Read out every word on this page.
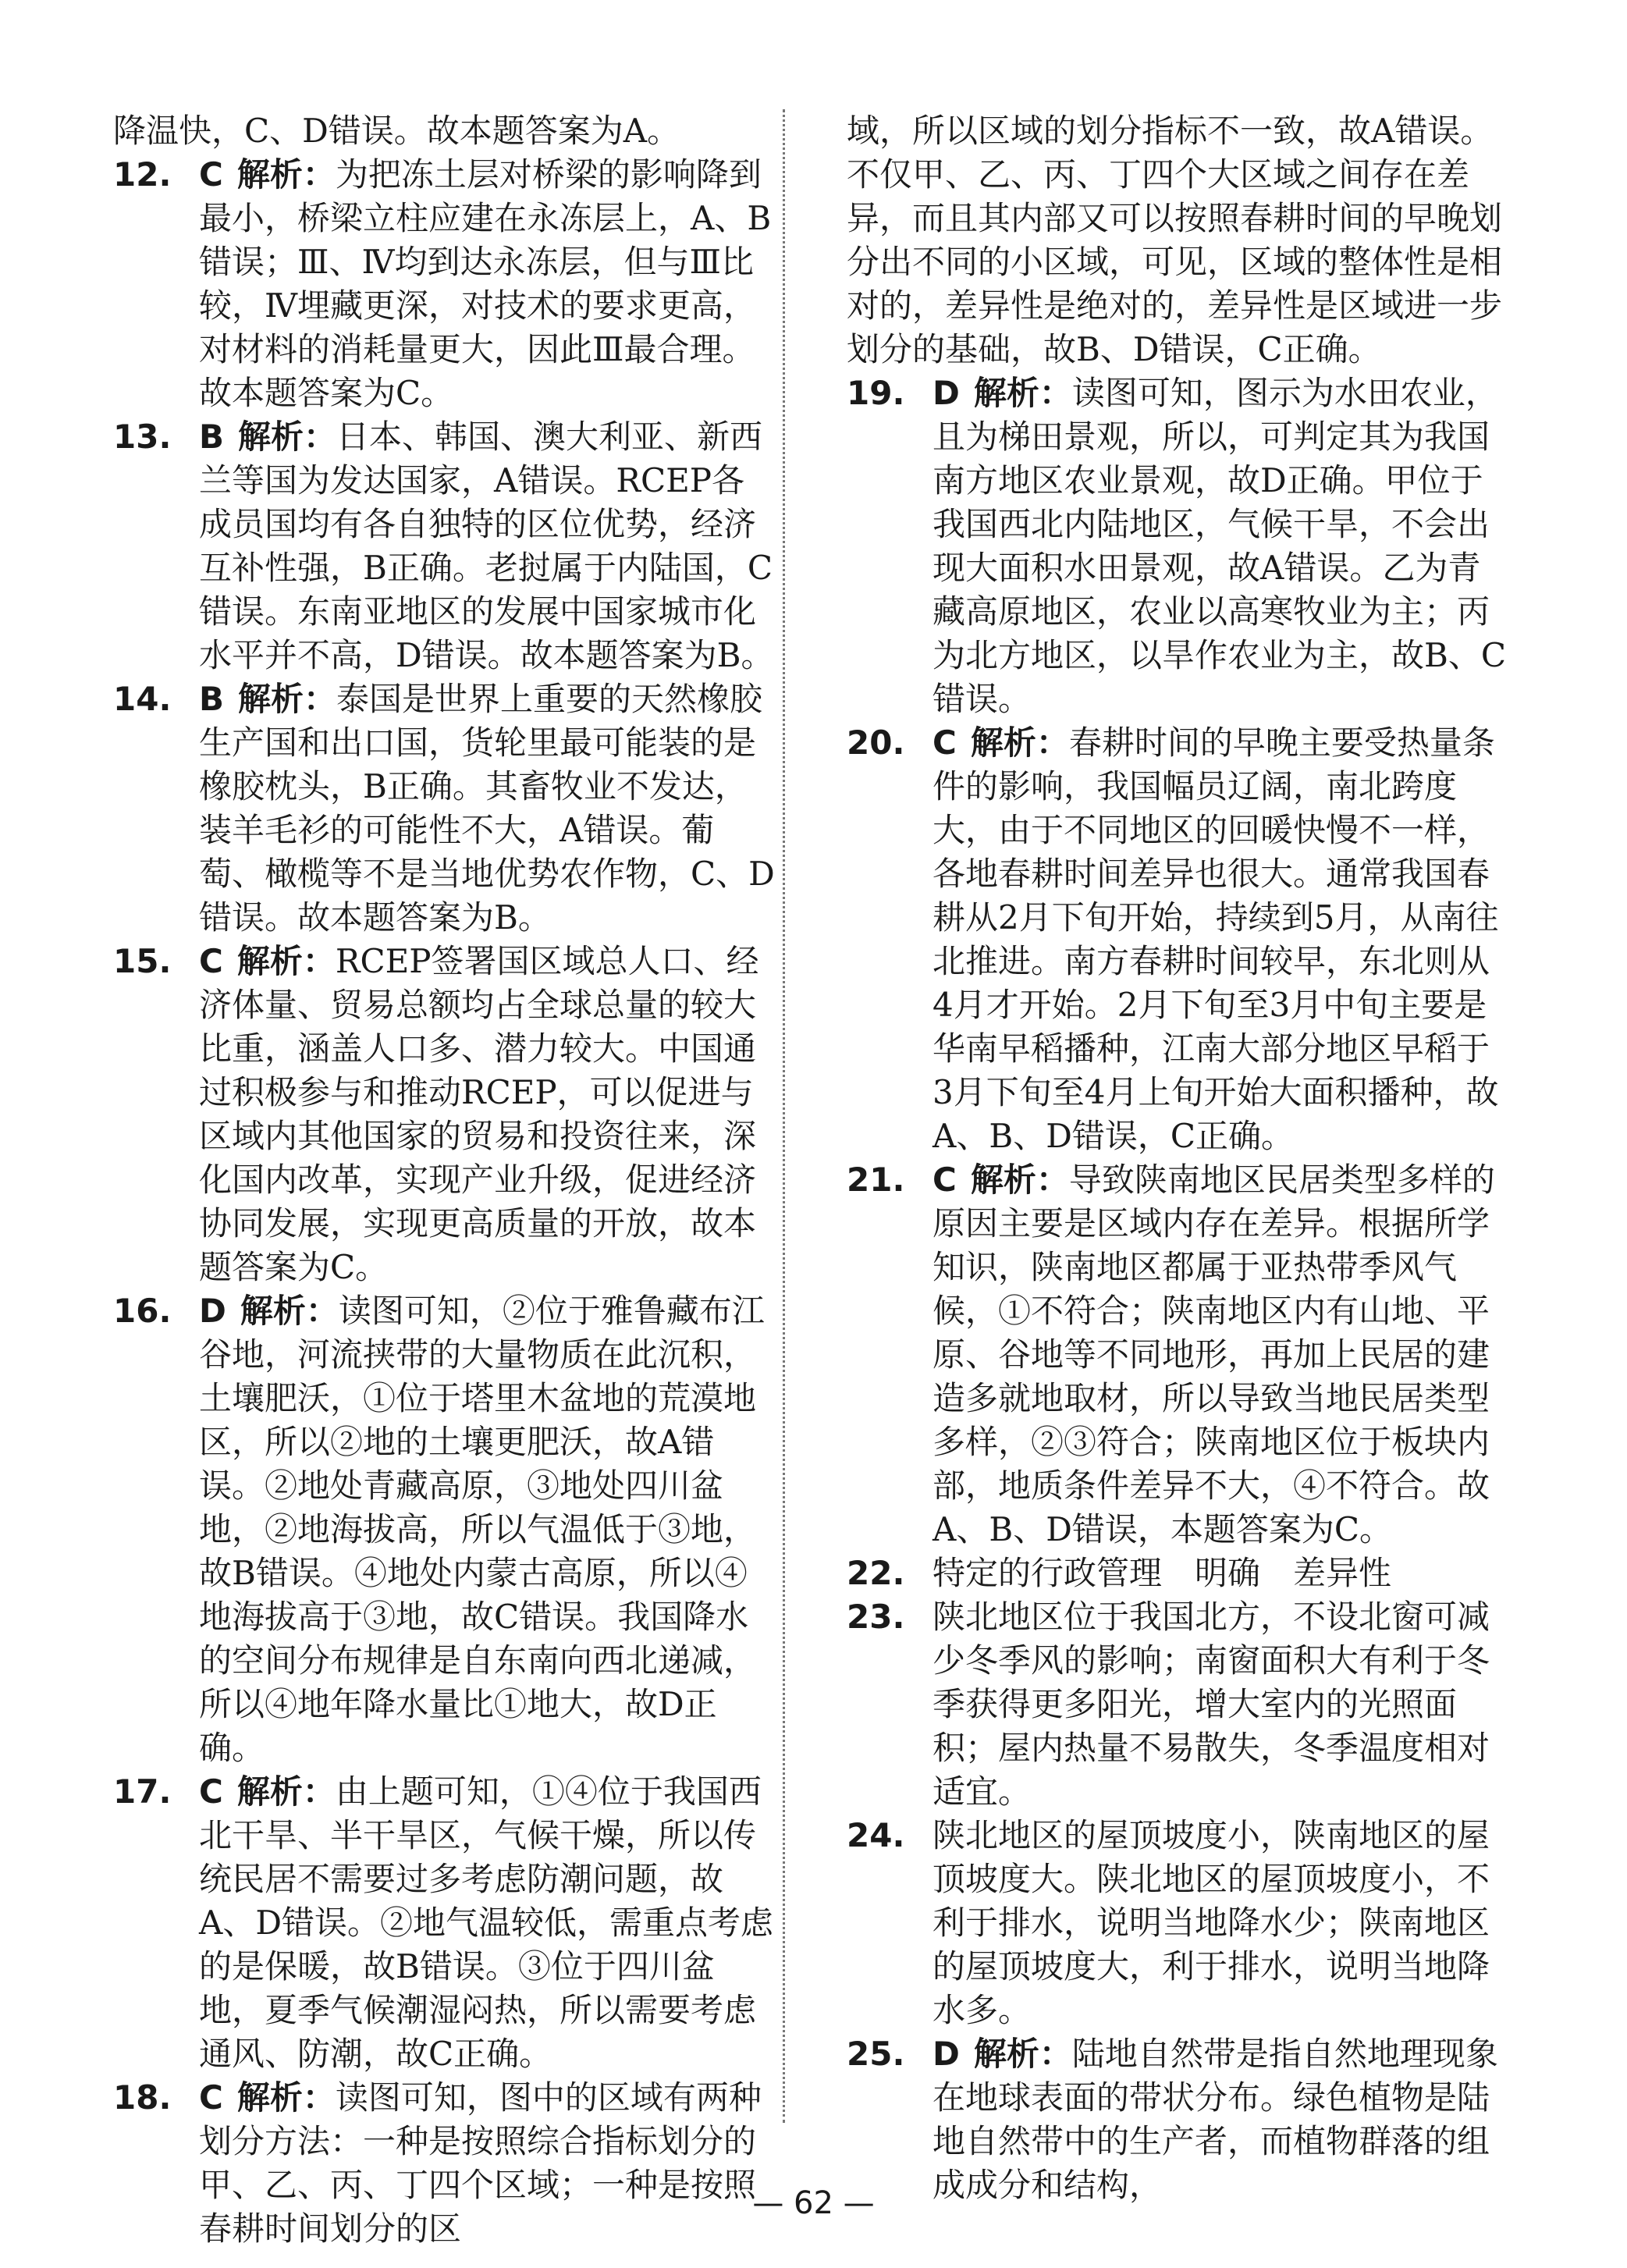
降温快，C、D错误。故本题答案为A。

12. C 解析：为把冻土层对桥梁的影响降到最小，桥梁立柱应建在永冻层上，A、B错误；Ⅲ、Ⅳ均到达永冻层，但与Ⅲ比较，Ⅳ埋藏更深，对技术的要求更高，对材料的消耗量更大，因此Ⅲ最合理。故本题答案为C。

13. B 解析：日本、韩国、澳大利亚、新西兰等国为发达国家，A错误。RCEP各成员国均有各自独特的区位优势，经济互补性强，B正确。老挝属于内陆国，C错误。东南亚地区的发展中国家城市化水平并不高，D错误。故本题答案为B。

14. B 解析：泰国是世界上重要的天然橡胶生产国和出口国，货轮里最可能装的是橡胶枕头，B正确。其畜牧业不发达，装羊毛衫的可能性不大，A错误。葡萄、橄榄等不是当地优势农作物，C、D错误。故本题答案为B。

15. C 解析：RCEP签署国区域总人口、经济体量、贸易总额均占全球总量的较大比重，涵盖人口多、潜力较大。中国通过积极参与和推动RCEP，可以促进与区域内其他国家的贸易和投资往来，深化国内改革，实现产业升级，促进经济协同发展，实现更高质量的开放，故本题答案为C。

16. D 解析：读图可知，②位于雅鲁藏布江谷地，河流挟带的大量物质在此沉积，土壤肥沃，①位于塔里木盆地的荒漠地区，所以②地的土壤更肥沃，故A错误。②地处青藏高原，③地处四川盆地，②地海拔高，所以气温低于③地，故B错误。④地处内蒙古高原，所以④地海拔高于③地，故C错误。我国降水的空间分布规律是自东南向西北递减，所以④地年降水量比①地大，故D正确。

17. C 解析：由上题可知，①④位于我国西北干旱、半干旱区，气候干燥，所以传统民居不需要过多考虑防潮问题，故A、D错误。②地气温较低，需重点考虑的是保暖，故B错误。③位于四川盆地，夏季气候潮湿闷热，所以需要考虑通风、防潮，故C正确。

18. C 解析：读图可知，图中的区域有两种划分方法：一种是按照综合指标划分的甲、乙、丙、丁四个区域；一种是按照春耕时间划分的区

域，所以区域的划分指标不一致，故A错误。不仅甲、乙、丙、丁四个大区域之间存在差异，而且其内部又可以按照春耕时间的早晚划分出不同的小区域，可见，区域的整体性是相对的，差异性是绝对的，差异性是区域进一步划分的基础，故B、D错误，C正确。

19. D 解析：读图可知，图示为水田农业，且为梯田景观，所以，可判定其为我国南方地区农业景观，故D正确。甲位于我国西北内陆地区，气候干旱，不会出现大面积水田景观，故A错误。乙为青藏高原地区，农业以高寒牧业为主；丙为北方地区，以旱作农业为主，故B、C错误。

20. C 解析：春耕时间的早晚主要受热量条件的影响，我国幅员辽阔，南北跨度大，由于不同地区的回暖快慢不一样，各地春耕时间差异也很大。通常我国春耕从2月下旬开始，持续到5月，从南往北推进。南方春耕时间较早，东北则从4月才开始。2月下旬至3月中旬主要是华南早稻播种，江南大部分地区早稻于3月下旬至4月上旬开始大面积播种，故A、B、D错误，C正确。

21. C 解析：导致陕南地区民居类型多样的原因主要是区域内存在差异。根据所学知识，陕南地区都属于亚热带季风气候，①不符合；陕南地区内有山地、平原、谷地等不同地形，再加上民居的建造多就地取材，所以导致当地民居类型多样，②③符合；陕南地区位于板块内部，地质条件差异不大，④不符合。故A、B、D错误，本题答案为C。

22. 特定的行政管理　明确　差异性

23. 陕北地区位于我国北方，不设北窗可减少冬季风的影响；南窗面积大有利于冬季获得更多阳光，增大室内的光照面积；屋内热量不易散失，冬季温度相对适宜。

24. 陕北地区的屋顶坡度小，陕南地区的屋顶坡度大。陕北地区的屋顶坡度小，不利于排水，说明当地降水少；陕南地区的屋顶坡度大，利于排水，说明当地降水多。

25. D 解析：陆地自然带是指自然地理现象在地球表面的带状分布。绿色植物是陆地自然带中的生产者，而植物群落的组成成分和结构，

— 62 —
